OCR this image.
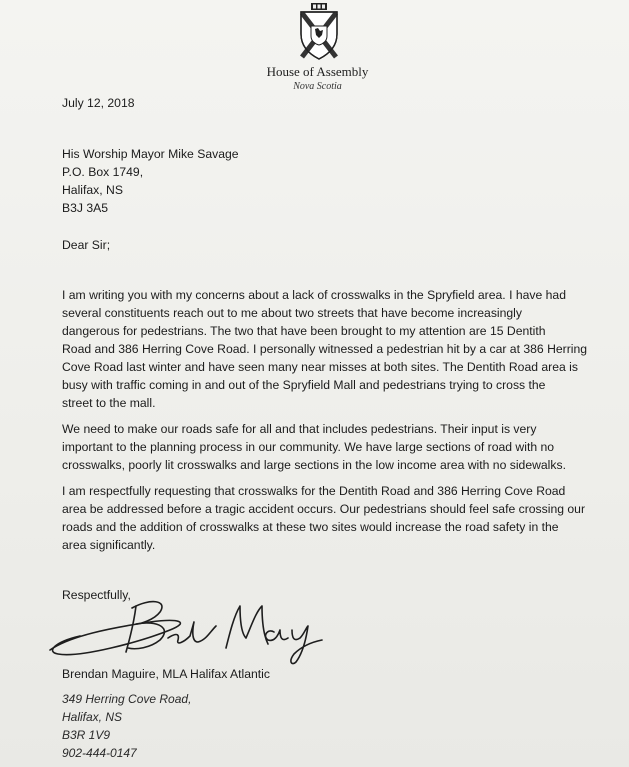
House of Assembly
Nova Scotia
July 12, 2018
His Worship Mayor Mike Savage
P.O. Box 1749,
Halifax, NS
B3J 3A5
Dear Sir;
I am writing you with my concerns about a lack of crosswalks in the Spryfield area. I have had
several constituents reach out to me about two streets that have become increasingly
dangerous for pedestrians. The two that have been brought to my attention are 15 Dentith
Road and 386 Herring Cove Road. I personally witnessed a pedestrian hit by a car at 386 Herring
Cove Road last winter and have seen many near misses at both sites. The Dentith Road area is
busy with traffic coming in and out of the Spryfield Mall and pedestrians trying to cross the
street to the mall.
We need to make our roads safe for all and that includes pedestrians. Their input is very
important to the planning process in our community. We have large sections of road with no
crosswalks, poorly lit crosswalks and large sections in the low income area with no sidewalks.
I am respectfully requesting that crosswalks for the Dentith Road and 386 Herring Cove Road
area be addressed before a tragic accident occurs. Our pedestrians should feel safe crossing our
roads and the addition of crosswalks at these two sites would increase the road safety in the
area significantly.
Respectfully,
Brendan Maguire, MLA Halifax Atlantic
349 Herring Cove Road,
Halifax, NS
B3R 1V9
902-444-0147
